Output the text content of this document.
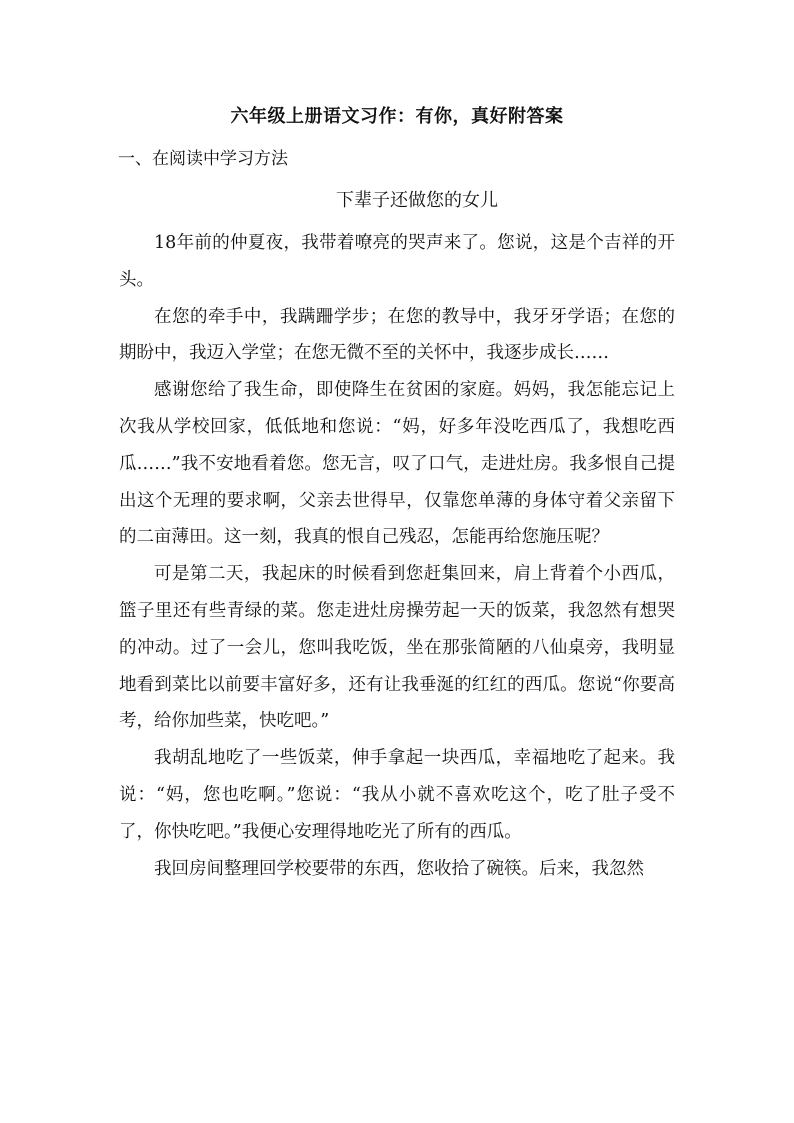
六年级上册语文习作：有你，真好附答案
一、在阅读中学习方法
下辈子还做您的女儿

18年前的仲夏夜，我带着嘹亮的哭声来了。您说，这是个吉祥的开头。

在您的牵手中，我蹒跚学步；在您的教导中，我牙牙学语；在您的期盼中，我迈入学堂；在您无微不至的关怀中，我逐步成长……

感谢您给了我生命，即使降生在贫困的家庭。妈妈，我怎能忘记上次我从学校回家，低低地和您说：“妈，好多年没吃西瓜了，我想吃西瓜……”我不安地看着您。您无言，叹了口气，走进灶房。我多恨自己提出这个无理的要求啊，父亲去世得早，仅靠您单薄的身体守着父亲留下的二亩薄田。这一刻，我真的恨自己残忍，怎能再给您施压呢？

可是第二天，我起床的时候看到您赶集回来，肩上背着个小西瓜，篮子里还有些青绿的菜。您走进灶房操劳起一天的饭菜，我忽然有想哭的冲动。过了一会儿，您叫我吃饭，坐在那张简陋的八仙桌旁，我明显地看到菜比以前要丰富好多，还有让我垂涎的红红的西瓜。您说“你要高考，给你加些菜，快吃吧。”

我胡乱地吃了一些饭菜，伸手拿起一块西瓜，幸福地吃了起来。我说：“妈，您也吃啊。”您说：“我从小就不喜欢吃这个，吃了肚子受不了，你快吃吧。”我便心安理得地吃光了所有的西瓜。

我回房间整理回学校要带的东西，您收拾了碗筷。后来，我忽然
